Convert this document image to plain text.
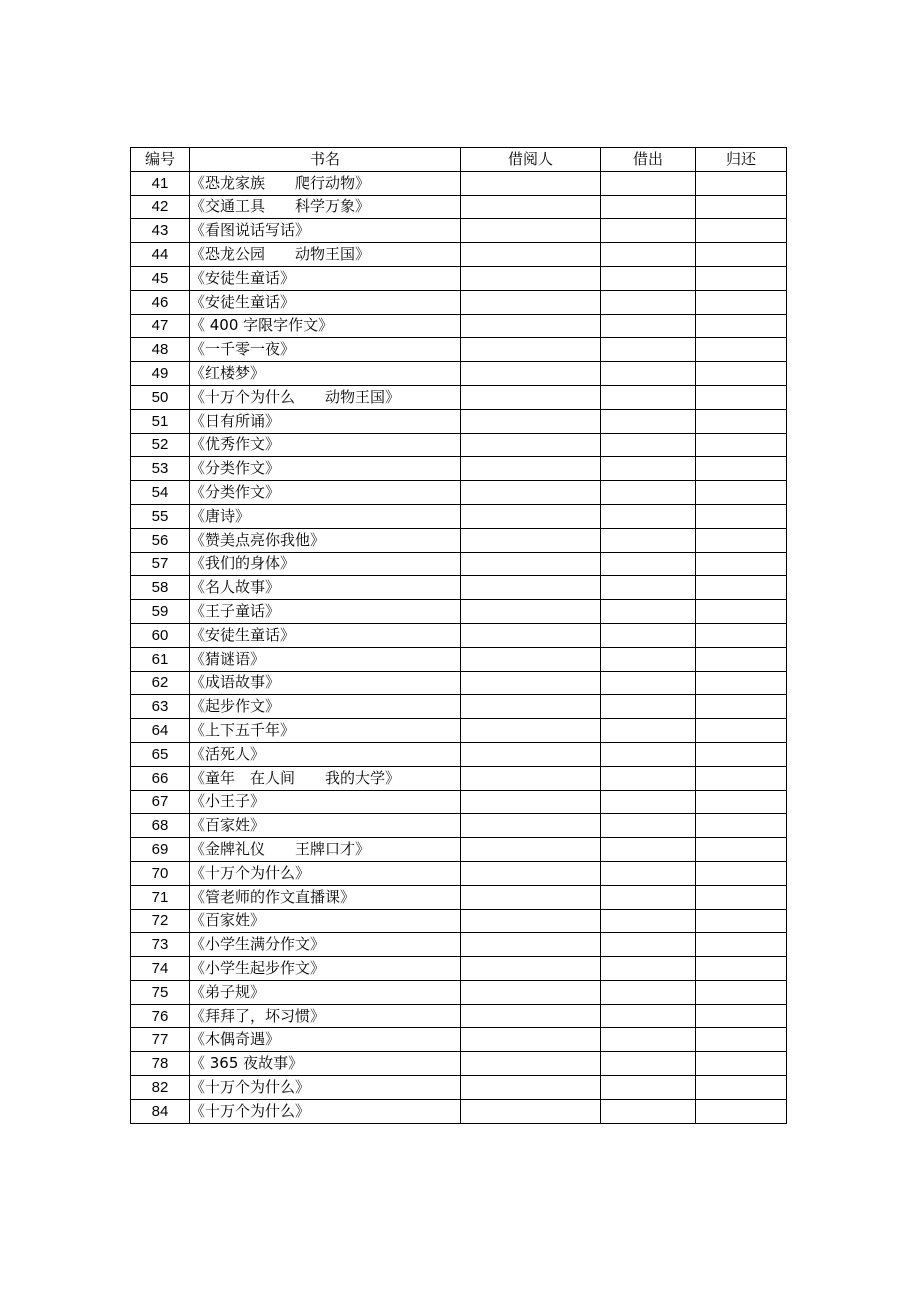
编号	书名	借阅人	借出	归还
41	《恐龙家族　　爬行动物》			
42	《交通工具　　科学万象》			
43	《看图说话写话》			
44	《恐龙公园　　动物王国》			
45	《安徒生童话》			
46	《安徒生童话》			
47	《 400 字限字作文》			
48	《一千零一夜》			
49	《红楼梦》			
50	《十万个为什么　　动物王国》			
51	《日有所诵》			
52	《优秀作文》			
53	《分类作文》			
54	《分类作文》			
55	《唐诗》			
56	《赞美点亮你我他》			
57	《我们的身体》			
58	《名人故事》			
59	《王子童话》			
60	《安徒生童话》			
61	《猜谜语》			
62	《成语故事》			
63	《起步作文》			
64	《上下五千年》			
65	《活死人》			
66	《童年　在人间　　我的大学》			
67	《小王子》			
68	《百家姓》			
69	《金牌礼仪　　王牌口才》			
70	《十万个为什么》			
71	《管老师的作文直播课》			
72	《百家姓》			
73	《小学生满分作文》			
74	《小学生起步作文》			
75	《弟子规》			
76	《拜拜了，坏习惯》			
77	《木偶奇遇》			
78	《 365 夜故事》			
82	《十万个为什么》			
84	《十万个为什么》			
